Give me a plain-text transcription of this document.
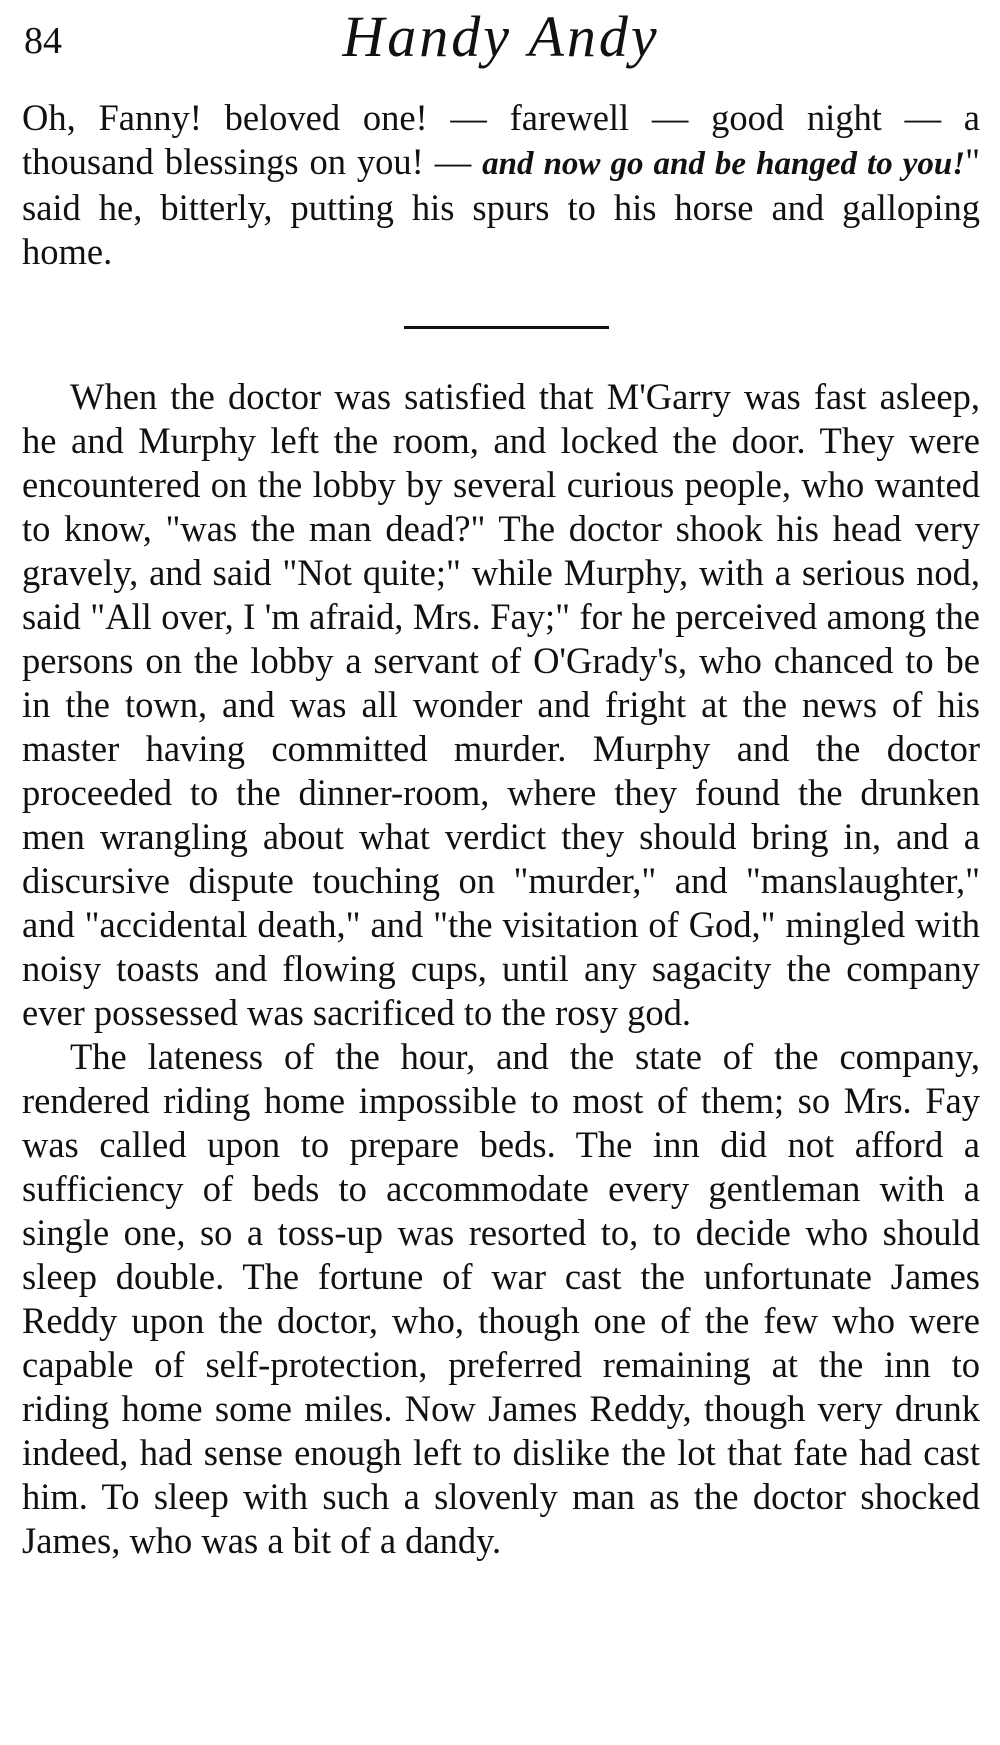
84	Handy Andy

Oh, Fanny! beloved one! — farewell — good night — a thousand blessings on you! — and now go and be hanged to you!" said he, bitterly, putting his spurs to his horse and galloping home.

When the doctor was satisfied that M'Garry was fast asleep, he and Murphy left the room, and locked the door. They were encountered on the lobby by several curious people, who wanted to know, "was the man dead?" The doctor shook his head very gravely, and said "Not quite;" while Murphy, with a serious nod, said "All over, I 'm afraid, Mrs. Fay;" for he perceived among the persons on the lobby a servant of O'Grady's, who chanced to be in the town, and was all wonder and fright at the news of his master having committed murder. Murphy and the doctor proceeded to the dinner-room, where they found the drunken men wrangling about what verdict they should bring in, and a discursive dispute touching on "murder," and "manslaughter," and "accidental death," and "the visitation of God," mingled with noisy toasts and flowing cups, until any sagacity the company ever possessed was sacrificed to the rosy god.

The lateness of the hour, and the state of the company, rendered riding home impossible to most of them; so Mrs. Fay was called upon to prepare beds. The inn did not afford a sufficiency of beds to accommodate every gentleman with a single one, so a toss-up was resorted to, to decide who should sleep double. The fortune of war cast the unfortunate James Reddy upon the doctor, who, though one of the few who were capable of self-protection, preferred remaining at the inn to riding home some miles. Now James Reddy, though very drunk indeed, had sense enough left to dislike the lot that fate had cast him. To sleep with such a slovenly man as the doctor shocked James, who was a bit of a dandy.
